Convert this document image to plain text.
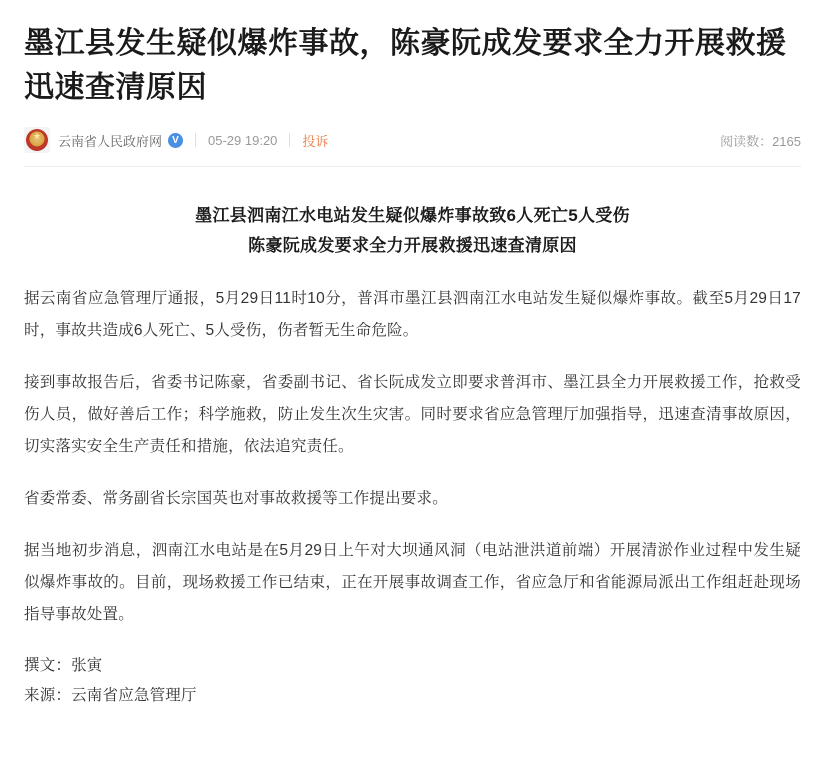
墨江县发生疑似爆炸事故，陈豪阮成发要求全力开展救援迅速查清原因
★
云南省人民政府网	V	05-29 19:20 投诉	阅读数：2165
墨江县泗南江水电站发生疑似爆炸事故致6人死亡5人受伤
陈豪阮成发要求全力开展救援迅速查清原因

据云南省应急管理厅通报，5月29日11时10分，普洱市墨江县泗南江水电站发生疑似爆炸事故。截至5月29日17时，事故共造成6人死亡、5人受伤，伤者暂无生命危险。

接到事故报告后，省委书记陈豪，省委副书记、省长阮成发立即要求普洱市、墨江县全力开展救援工作，抢救受伤人员，做好善后工作；科学施救，防止发生次生灾害。同时要求省应急管理厅加强指导，迅速查清事故原因，切实落实安全生产责任和措施，依法追究责任。

省委常委、常务副省长宗国英也对事故救援等工作提出要求。

据当地初步消息，泗南江水电站是在5月29日上午对大坝通风洞（电站泄洪道前端）开展清淤作业过程中发生疑似爆炸事故的。目前，现场救援工作已结束，正在开展事故调查工作，省应急厅和省能源局派出工作组赶赴现场指导事故处置。

撰文：张寅

来源：云南省应急管理厅
